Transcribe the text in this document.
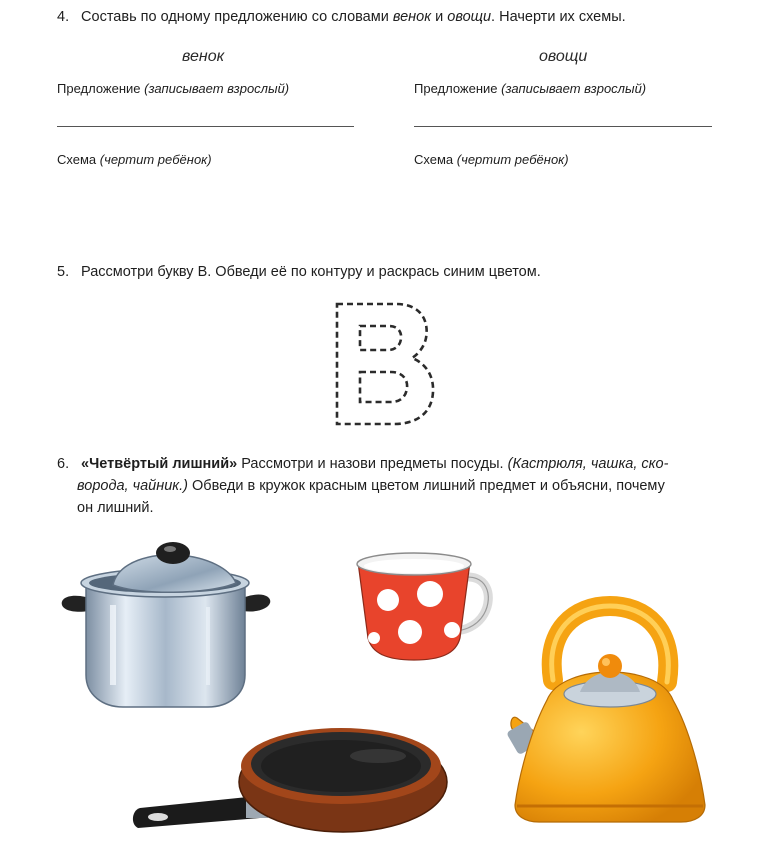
4. Составь по одному предложению со словами венок и овощи. Начерти их схемы.
венок	овощи
Предложение (записывает взрослый)	Предложение (записывает взрослый)
Схема (чертит ребёнок)	Схема (чертит ребёнок)
5. Рассмотри букву В. Обведи её по контуру и раскрась синим цветом.
6. «Четвёртый лишний» Рассмотри и назови предметы посуды. (Кастрюля, чашка, ско-
ворода, чайник.) Обведи в кружок красным цветом лишний предмет и объясни, почему
он лишний.
